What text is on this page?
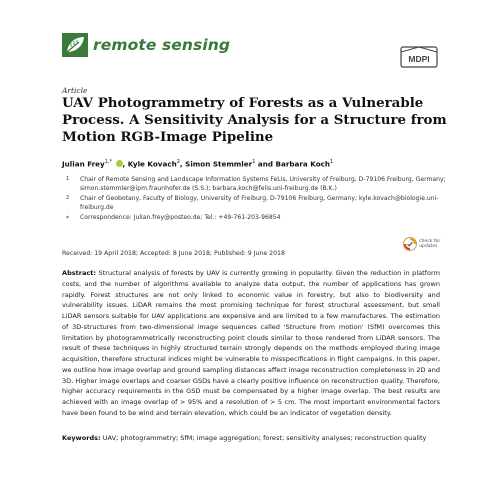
remote sensing
MDPI
Article
UAV Photogrammetry of Forests as a Vulnerable Process. A Sensitivity Analysis for a Structure from Motion RGB-Image Pipeline
Julian Frey$^{1,*}$ , Kyle Kovach$^2$, Simon Stemmler$^1$ and Barbara Koch$^1$
1 Chair of Remote Sensing and Landscape Information Systems FeLis, University of Freiburg, D-79106 Freiburg, Germany; simon.stemmler@ipm.fraunhofer.de (S.S.); barbara.koch@felis.uni-freiburg.de (B.K.)
2 Chair of Geobotany, Faculty of Biology, University of Freiburg, D-79106 Freiburg, Germany; kyle.kovach@biologie.uni-freiburg.de
* Correspondence: Julian.frey@posteo.de; Tel.: +49-761-203-96854
Received: 19 April 2018; Accepted: 8 June 2018; Published: 9 June 2018
check for
updates

Abstract: Structural analysis of forests by UAV is currently growing in popularity. Given the reduction in platform costs, and the number of algorithms available to analyze data output, the number of applications has grown rapidly. Forest structures are not only linked to economic value in forestry, but also to biodiversity and vulnerability issues. LiDAR remains the most promising technique for forest structural assessment, but small LiDAR sensors suitable for UAV applications are expensive and are limited to a few manufactures. The estimation of 3D-structures from two-dimensional image sequences called 'Structure from motion' (SfM) overcomes this limitation by photogrammetrically reconstructing point clouds similar to those rendered from LiDAR sensors. The result of these techniques in highly structured terrain strongly depends on the methods employed during image acquisition, therefore structural indices might be vulnerable to misspecifications in flight campaigns. In this paper, we outline how image overlap and ground sampling distances affect image reconstruction completeness in 2D and 3D. Higher image overlaps and coarser GSDs have a clearly positive influence on reconstruction quality. Therefore, higher accuracy requirements in the GSD must be compensated by a higher image overlap. The best results are achieved with an image overlap of > 95% and a resolution of > 5 cm. The most important environmental factors have been found to be wind and terrain elevation, which could be an indicator of vegetation density.

Keywords: UAV; photogrammetry; SfM; image aggregation; forest; sensitivity analyses; reconstruction quality
